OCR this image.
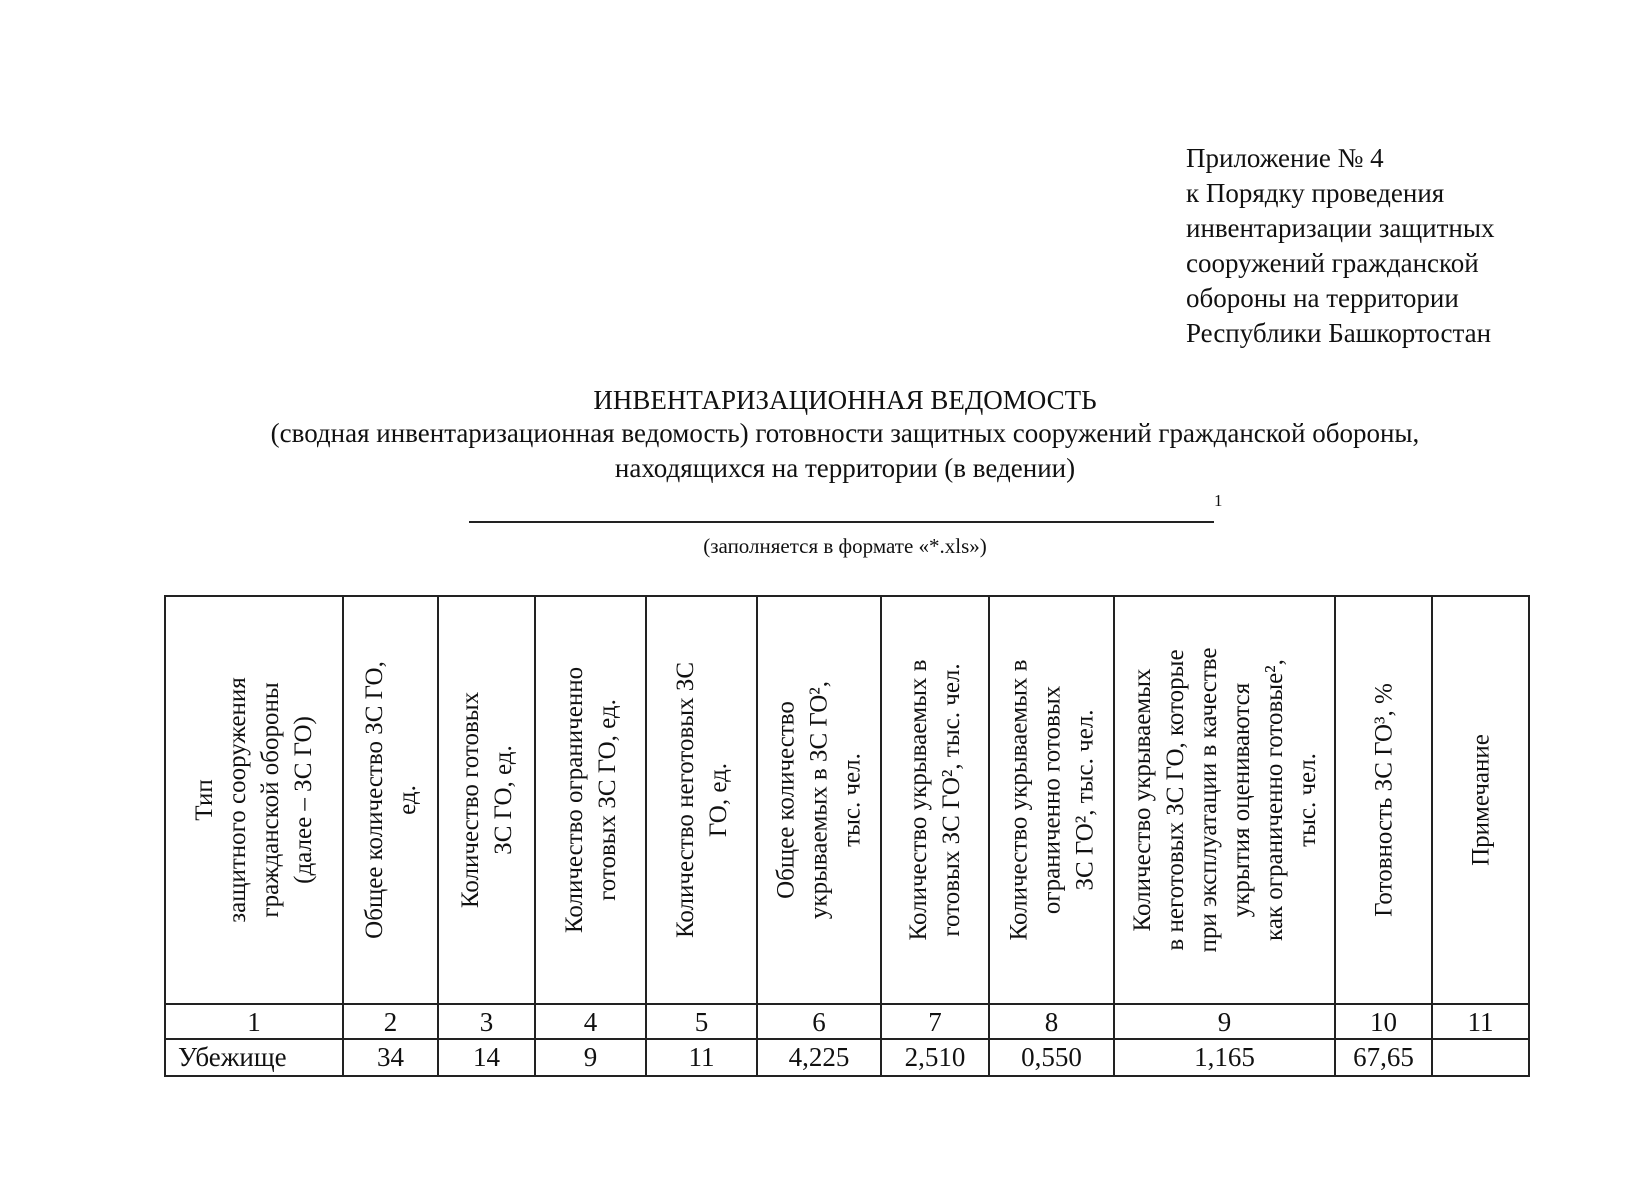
Приложение № 4
к Порядку проведения
инвентаризации защитных
сооружений гражданской
обороны на территории
Республики Башкортостан
ИНВЕНТАРИЗАЦИОННАЯ ВЕДОМОСТЬ
(сводная инвентаризационная ведомость) готовности защитных сооружений гражданской обороны,
находящихся на территории (в ведении)
1
(заполняется в формате «*.xls»)
Тип
защитного сооружения
гражданской обороны
(далее – ЗС ГО)
1
Убежище
Общее количество ЗС ГО,
ед.
2
34
Количество готовых
ЗС ГО, ед.
3
14
Количество ограниченно
готовых ЗС ГО, ед.
4
9
Количество неготовых ЗС
ГО, ед.
5
11
Общее количество
укрываемых в ЗС ГО²,
тыс. чел.
6
4,225
Количество укрываемых в
готовых ЗС ГО², тыс. чел.
7
2,510
Количество укрываемых в
ограниченно готовых
ЗС ГО², тыс. чел.
8
0,550
Количество укрываемых
в неготовых ЗС ГО, которые
при эксплуатации в качестве
укрытия оцениваются
как ограниченно готовые²,
тыс. чел.
9
1,165
Готовность ЗС ГО³, %
10
67,65
Примечание
11
